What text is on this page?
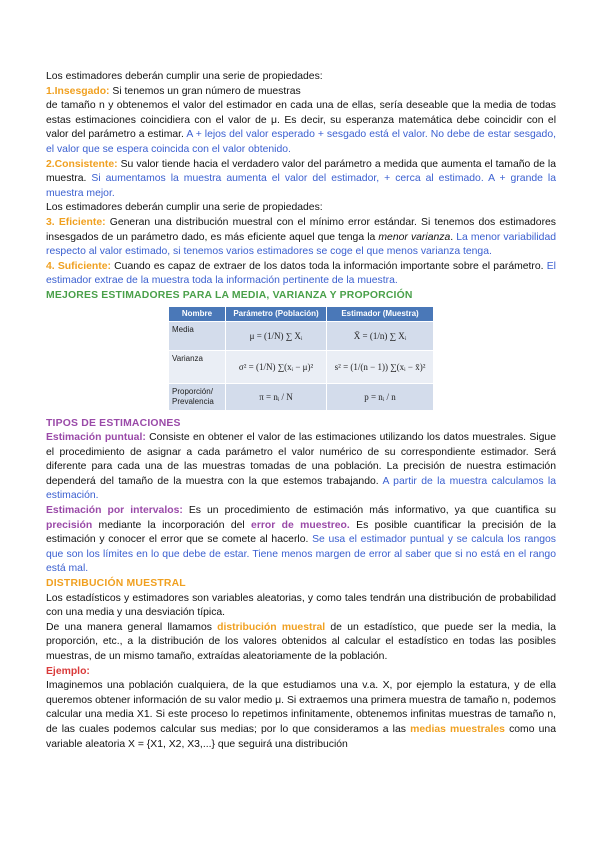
Los estimadores deberán cumplir una serie de propiedades:

1.Insesgado: Si tenemos un gran número de muestras

de tamaño n y obtenemos el valor del estimador en cada una de ellas, sería deseable que la media de todas estas estimaciones coincidiera con el valor de μ. Es decir, su esperanza matemática debe coincidir con el valor del parámetro a estimar. A + lejos del valor esperado + sesgado está el valor. No debe de estar sesgado, el valor que se espera coincida con el valor obtenido.

2.Consistente: Su valor tiende hacia el verdadero valor del parámetro a medida que aumenta el tamaño de la muestra. Si aumentamos la muestra aumenta el valor del estimador, + cerca al estimado. A + grande la muestra mejor.

Los estimadores deberán cumplir una serie de propiedades:

3. Eficiente: Generan una distribución muestral con el mínimo error estándar. Si tenemos dos estimadores insesgados de un parámetro dado, es más eficiente aquel que tenga la menor varianza. La menor variabilidad respecto al valor estimado, si tenemos varios estimadores se coge el que menos varianza tenga.

4. Suficiente: Cuando es capaz de extraer de los datos toda la información importante sobre el parámetro. El estimador extrae de la muestra toda la información pertinente de la muestra.

MEJORES ESTIMADORES PARA LA MEDIA, VARIANZA Y PROPORCIÓN

Nombre	Parámetro (Población)	Estimador (Muestra)
Media	μ = (1/N) ∑ Xᵢ	X̄ = (1/n) ∑ Xᵢ
Varianza	σ² = (1/N) ∑(xᵢ − μ)²	s² = (1/(n − 1)) ∑(xᵢ − x̄)²
Proporción/ Prevalencia	π = nᵢ / N	p = nᵢ / n

TIPOS DE ESTIMACIONES

Estimación puntual: Consiste en obtener el valor de las estimaciones utilizando los datos muestrales. Sigue el procedimiento de asignar a cada parámetro el valor numérico de su correspondiente estimador. Será diferente para cada una de las muestras tomadas de una población. La precisión de nuestra estimación dependerá del tamaño de la muestra con la que estemos trabajando. A partir de la muestra calculamos la estimación.

Estimación por intervalos: Es un procedimiento de estimación más informativo, ya que cuantifica su precisión mediante la incorporación del error de muestreo. Es posible cuantificar la precisión de la estimación y conocer el error que se comete al hacerlo. Se usa el estimador puntual y se calcula los rangos que son los límites en lo que debe de estar. Tiene menos margen de error al saber que si no está en el rango está mal.

DISTRIBUCIÓN MUESTRAL

Los estadísticos y estimadores son variables aleatorias, y como tales tendrán una distribución de probabilidad con una media y una desviación típica.

De una manera general llamamos distribución muestral de un estadístico, que puede ser la media, la proporción, etc., a la distribución de los valores obtenidos al calcular el estadístico en todas las posibles muestras, de un mismo tamaño, extraídas aleatoriamente de la población.

Ejemplo:

Imaginemos una población cualquiera, de la que estudiamos una v.a. X, por ejemplo la estatura, y de ella queremos obtener información de su valor medio μ. Si extraemos una primera muestra de tamaño n, podemos calcular una media X1. Si este proceso lo repetimos infinitamente, obtenemos infinitas muestras de tamaño n, de las cuales podemos calcular sus medias; por lo que consideramos a las medias muestrales como una variable aleatoria X = {X1, X2, X3,...} que seguirá una distribución
